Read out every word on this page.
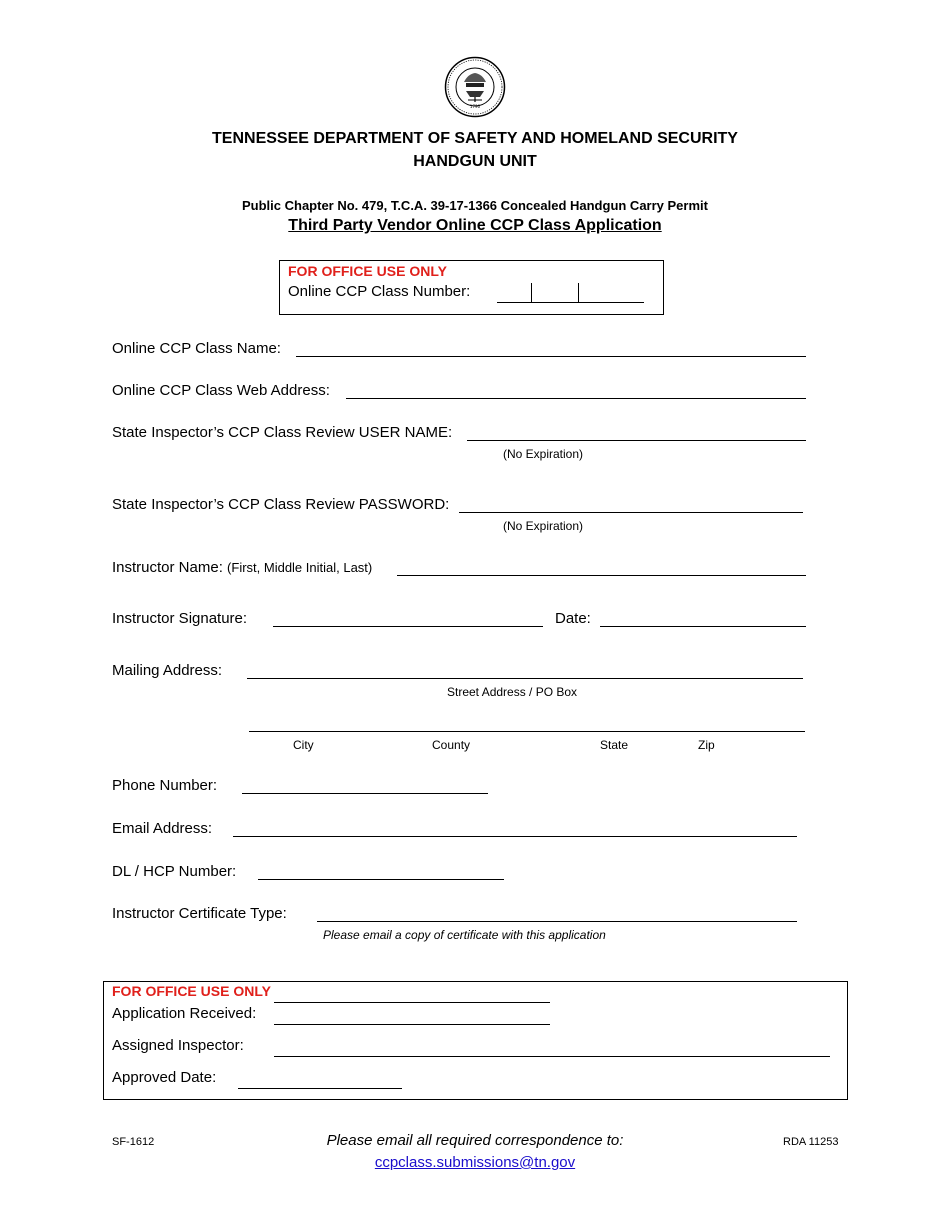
1796
TENNESSEE DEPARTMENT OF SAFETY AND HOMELAND SECURITY
HANDGUN UNIT
Public Chapter No. 479, T.C.A. 39-17-1366 Concealed Handgun Carry Permit
Third Party Vendor Online CCP Class Application
FOR OFFICE USE ONLY
Online CCP Class Number:
Online CCP Class Name:
Online CCP Class Web Address:
State Inspector’s CCP Class Review USER NAME:
(No Expiration)
State Inspector’s CCP Class Review PASSWORD:
(No Expiration)
Instructor Name: (First, Middle Initial, Last)
Instructor Signature:	Date:
Mailing Address:
Street Address / PO Box
City	County	State	Zip
Phone Number:
Email Address:
DL / HCP Number:
Instructor Certificate Type:
Please email a copy of certificate with this application
FOR OFFICE USE ONLY
Application Received:
Assigned Inspector:
Approved Date:
SF-1612	Please email all required correspondence to:
ccpclass.submissions@tn.gov
RDA 11253
